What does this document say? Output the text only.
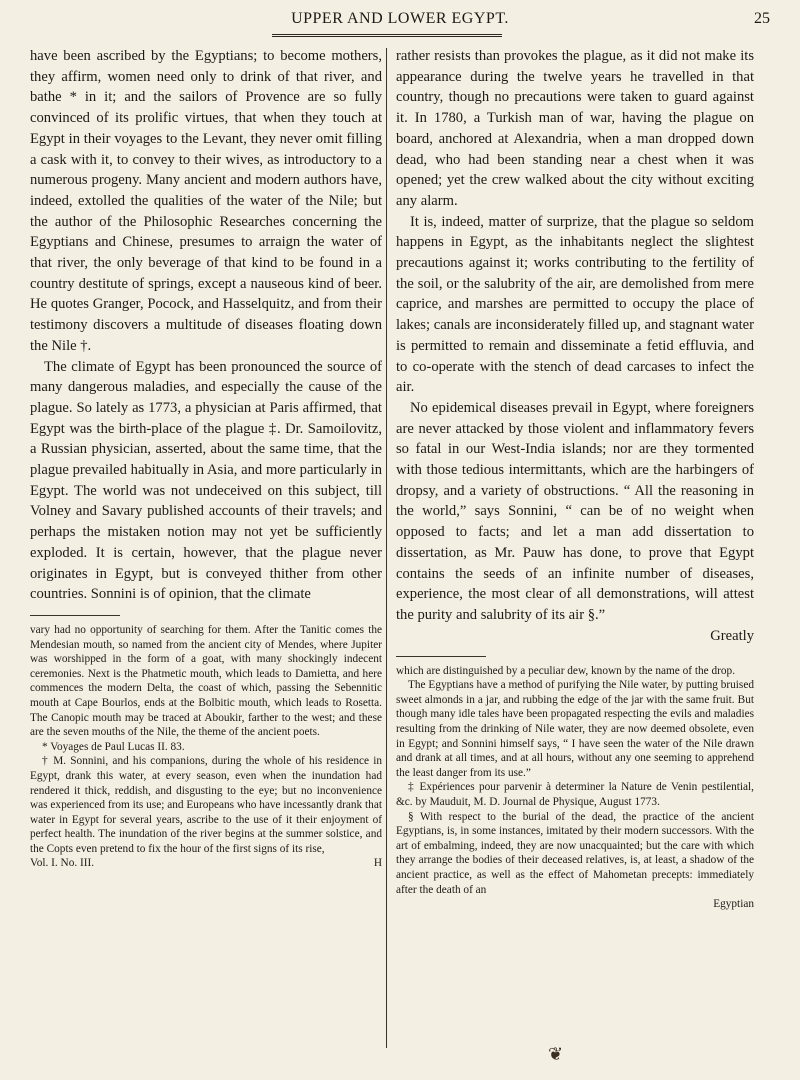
UPPER AND LOWER EGYPT.	25

have been ascribed by the Egyptians; to become mothers, they affirm, women need only to drink of that river, and bathe * in it; and the sailors of Provence are so fully convinced of its prolific virtues, that when they touch at Egypt in their voyages to the Levant, they never omit filling a cask with it, to convey to their wives, as introductory to a numerous progeny. Many ancient and modern authors have, indeed, extolled the qualities of the water of the Nile; but the author of the Philosophic Researches concerning the Egyptians and Chinese, presumes to arraign the water of that river, the only beverage of that kind to be found in a country destitute of springs, except a nauseous kind of beer. He quotes Granger, Pocock, and Hasselquitz, and from their testimony discovers a multitude of diseases floating down the Nile †.

The climate of Egypt has been pronounced the source of many dangerous maladies, and especially the cause of the plague. So lately as 1773, a physician at Paris affirmed, that Egypt was the birth-place of the plague ‡. Dr. Samoilovitz, a Russian physician, asserted, about the same time, that the plague prevailed habitually in Asia, and more particularly in Egypt. The world was not undeceived on this subject, till Volney and Savary published accounts of their travels; and perhaps the mistaken notion may not yet be sufficiently exploded. It is certain, however, that the plague never originates in Egypt, but is conveyed thither from other countries. Sonnini is of opinion, that the climate

vary had no opportunity of searching for them. After the Tanitic comes the Mendesian mouth, so named from the ancient city of Mendes, where Jupiter was worshipped in the form of a goat, with many shockingly indecent ceremonies. Next is the Phatmetic mouth, which leads to Damietta, and here commences the modern Delta, the coast of which, passing the Sebennitic mouth at Cape Bourlos, ends at the Bolbitic mouth, which leads to Rosetta. The Canopic mouth may be traced at Aboukir, farther to the west; and these are the seven mouths of the Nile, the theme of the ancient poets.

* Voyages de Paul Lucas II. 83.

† M. Sonnini, and his companions, during the whole of his residence in Egypt, drank this water, at every season, even when the inundation had rendered it thick, reddish, and disgusting to the eye; but no inconvenience was experienced from its use; and Europeans who have incessantly drank that water in Egypt for several years, ascribe to the use of it their enjoyment of perfect health. The inundation of the river begins at the summer solstice, and the Copts even pretend to fix the hour of the first signs of its rise,

Vol. I. No. III.	H

rather resists than provokes the plague, as it did not make its appearance during the twelve years he travelled in that country, though no precautions were taken to guard against it. In 1780, a Turkish man of war, having the plague on board, anchored at Alexandria, when a man dropped down dead, who had been standing near a chest when it was opened; yet the crew walked about the city without exciting any alarm.

It is, indeed, matter of surprize, that the plague so seldom happens in Egypt, as the inhabitants neglect the slightest precautions against it; works contributing to the fertility of the soil, or the salubrity of the air, are demolished from mere caprice, and marshes are permitted to occupy the place of lakes; canals are inconsiderately filled up, and stagnant water is permitted to remain and disseminate a fetid effluvia, and to co-operate with the stench of dead carcases to infect the air.

No epidemical diseases prevail in Egypt, where foreigners are never attacked by those violent and inflammatory fevers so fatal in our West-India islands; nor are they tormented with those tedious intermittants, which are the harbingers of dropsy, and a variety of obstructions. “ All the reasoning in the world,” says Sonnini, “ can be of no weight when opposed to facts; and let a man add dissertation to dissertation, as Mr. Pauw has done, to prove that Egypt contains the seeds of an infinite number of diseases, experience, the most clear of all demonstrations, will attest the purity and salubrity of its air §.”

Greatly

which are distinguished by a peculiar dew, known by the name of the drop.

The Egyptians have a method of purifying the Nile water, by putting bruised sweet almonds in a jar, and rubbing the edge of the jar with the same fruit. But though many idle tales have been propagated respecting the evils and maladies resulting from the drinking of Nile water, they are now deemed obsolete, even in Egypt; and Sonnini himself says, “ I have seen the water of the Nile drawn and drank at all times, and at all hours, without any one seeming to apprehend the least danger from its use.”

‡ Expériences pour parvenir à determiner la Nature de Venin pestilential, &c. by Mauduit, M. D. Journal de Physique, August 1773.

§ With respect to the burial of the dead, the practice of the ancient Egyptians, is, in some instances, imitated by their modern successors. With the art of embalming, indeed, they are now unacquainted; but the care with which they arrange the bodies of their deceased relatives, is, at least, a shadow of the ancient practice, as well as the effect of Mahometan precepts: immediately after the death of an

Egyptian

❦
